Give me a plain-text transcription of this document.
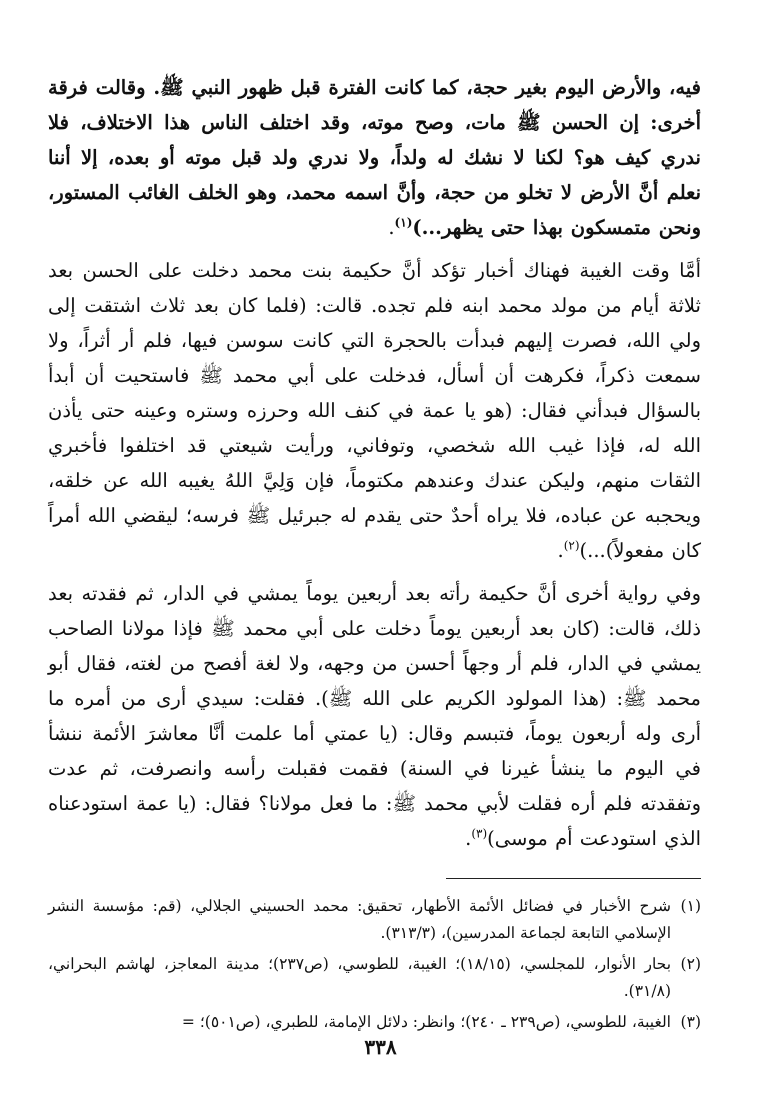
فيه، والأرض اليوم بغير حجة، كما كانت الفترة قبل ظهور النبي ﷺ. وقالت فرقة أخرى: إن الحسن ﷺ مات، وصح موته، وقد اختلف الناس هذا الاختلاف، فلا ندري كيف هو؟ لكنا لا نشك له ولداً، ولا ندري ولد قبل موته أو بعده، إلا أننا نعلم أنَّ الأرض لا تخلو من حجة، وأنَّ اسمه محمد، وهو الخلف الغائب المستور، ونحن متمسكون بهذا حتى يظهر...)$^{(١)}$.

أمَّا وقت الغيبة فهناك أخبار تؤكد أنَّ حكيمة بنت محمد دخلت على الحسن بعد ثلاثة أيام من مولد محمد ابنه فلم تجده. قالت: (فلما كان بعد ثلاث اشتقت إلى ولي الله، فصرت إليهم فبدأت بالحجرة التي كانت سوسن فيها، فلم أر أثراً، ولا سمعت ذكراً، فكرهت أن أسأل، فدخلت على أبي محمد ﷺ فاستحيت أن أبدأ بالسؤال فبدأني فقال: (هو يا عمة في كنف الله وحرزه وستره وعينه حتى يأذن الله له، فإذا غيب الله شخصي، وتوفاني، ورأيت شيعتي قد اختلفوا فأخبري الثقات منهم، وليكن عندك وعندهم مكتوماً، فإن وَلِيَّ اللهُ يغيبه الله عن خلقه، ويحجبه عن عباده، فلا يراه أحدٌ حتى يقدم له جبرئيل ﷺ فرسه؛ ليقضي الله أمراً كان مفعولاً)...)$^{(٢)}$.

وفي رواية أخرى أنَّ حكيمة رأته بعد أربعين يوماً يمشي في الدار، ثم فقدته بعد ذلك، قالت: (كان بعد أربعين يوماً دخلت على أبي محمد ﷺ فإذا مولانا الصاحب يمشي في الدار، فلم أر وجهاً أحسن من وجهه، ولا لغة أفصح من لغته، فقال أبو محمد ﷺ: (هذا المولود الكريم على الله ﷺ). فقلت: سيدي أرى من أمره ما أرى وله أربعون يوماً، فتبسم وقال: (يا عمتي أما علمت أنَّا معاشرَ الأئمة ننشأ في اليوم ما ينشأ غيرنا في السنة) فقمت فقبلت رأسه وانصرفت، ثم عدت وتفقدته فلم أره فقلت لأبي محمد ﷺ: ما فعل مولانا؟ فقال: (يا عمة استودعناه الذي استودعت أم موسى)$^{(٣)}$.

(١)
شرح الأخبار في فضائل الأئمة الأطهار، تحقيق: محمد الحسيني الجلالي، (قم: مؤسسة النشر الإسلامي التابعة لجماعة المدرسين)، (٣١٣/٣).
(٢)
بحار الأنوار، للمجلسي، (١٨/١٥)؛ الغيبة، للطوسي، (ص٢٣٧)؛ مدينة المعاجز، لهاشم البحراني، (٣١/٨).
(٣)
الغيبة، للطوسي، (ص٢٣٩ ـ ٢٤٠)؛ وانظر: دلائل الإمامة، للطبري، (ص٥٠١)؛ =
٣٣٨
